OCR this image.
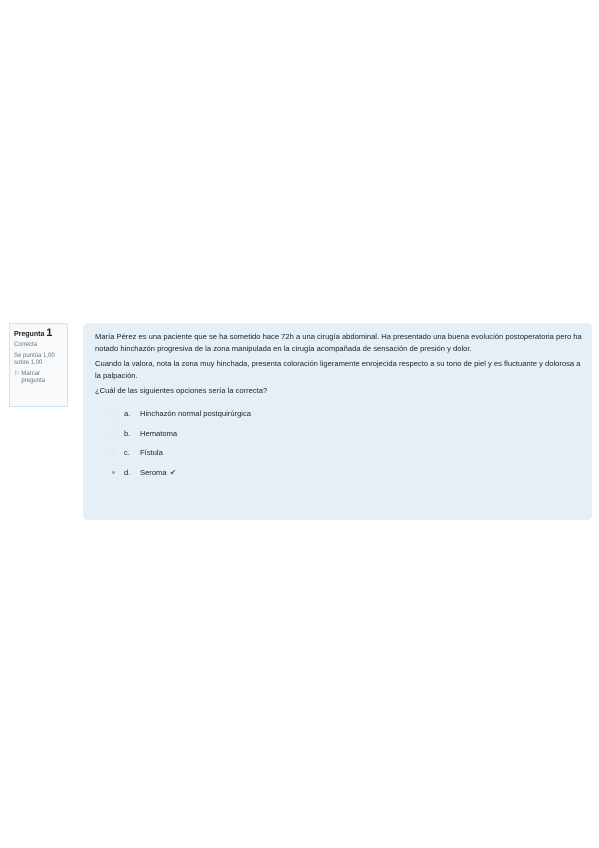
Pregunta 1
Correcta
Se puntúa 1,00 sobre 1,00
⚐ Marcar pregunta

María Pérez es una paciente que se ha sometido hace 72h a una cirugía abdominal. Ha presentado una buena evolución postoperatoria pero ha notado hinchazón progresiva de la zona manipulada en la cirugía acompañada de sensación de presión y dolor.

Cuando la valora, nota la zona muy hinchada, presenta coloración ligeramente enrojecida respecto a su tono de piel y es fluctuante y dolorosa a la palpación.

¿Cuál de las siguientes opciones sería la correcta?

a.	Hinchazón normal postquirúrgica
b.	Hematoma
c.	Fístula
d.	Seroma ✔
